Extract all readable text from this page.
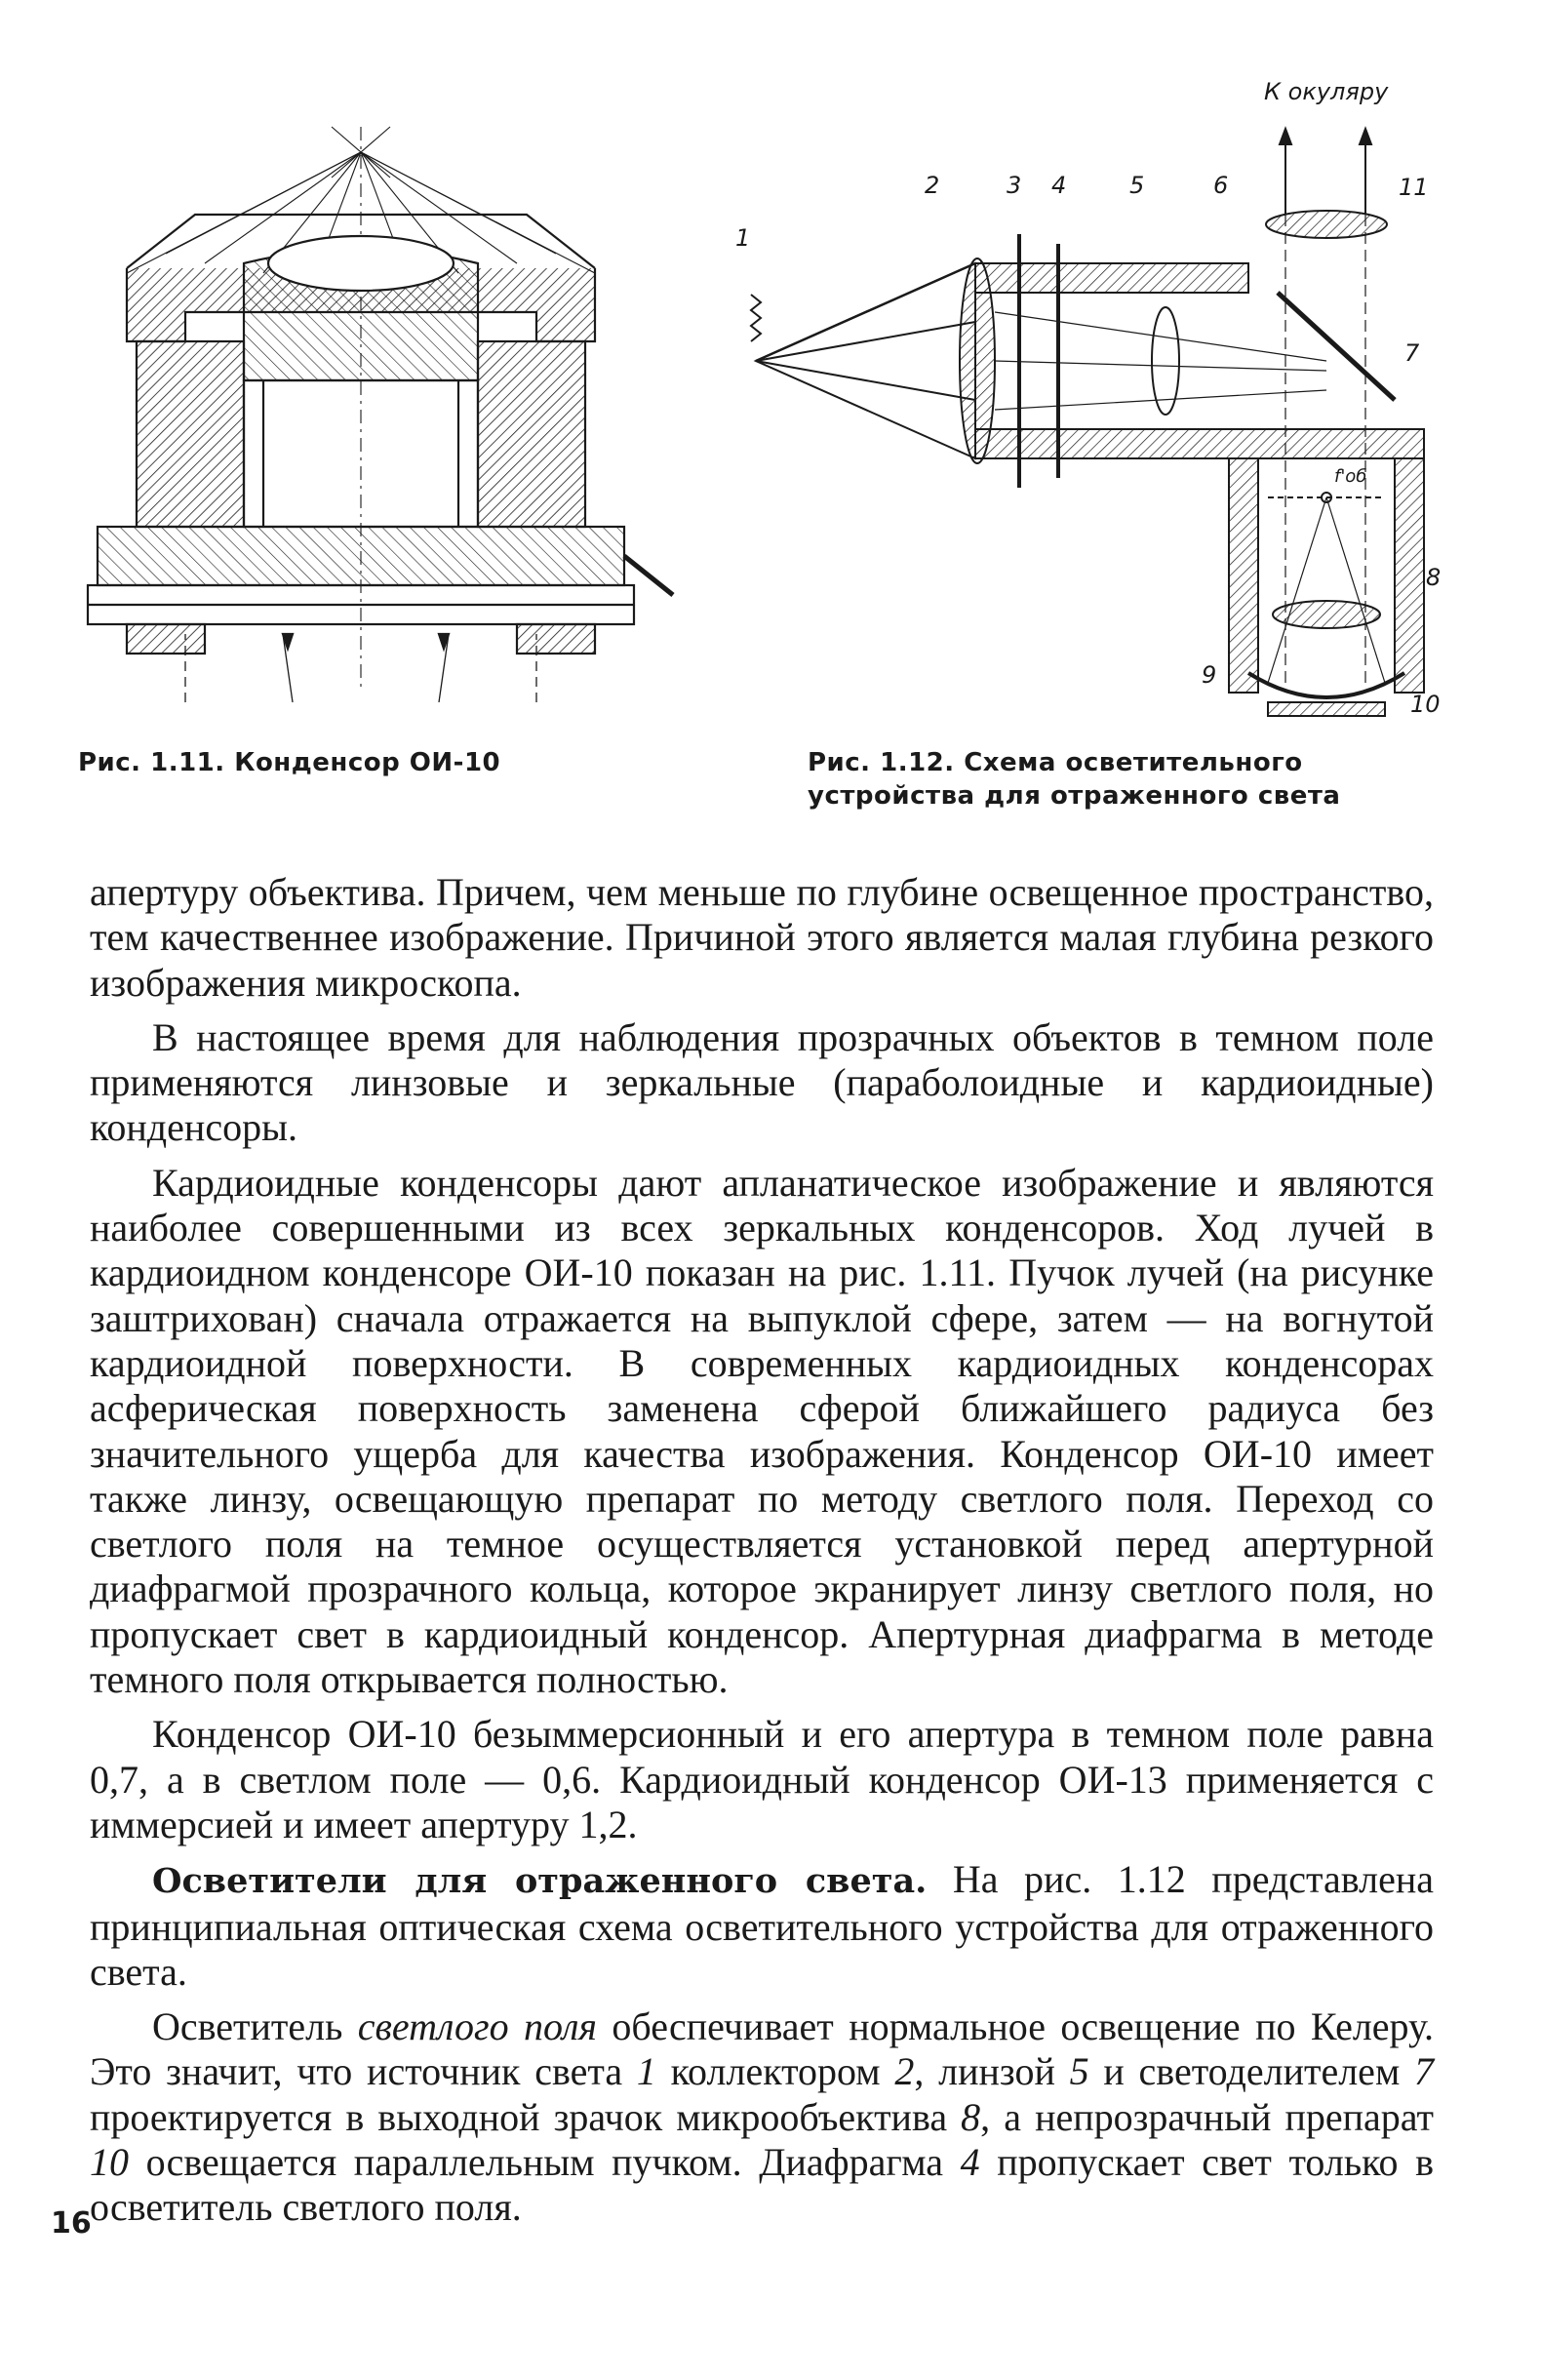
К окуляру
1
2	3 4	5	6
7
8
9
10
11
f'об
Рис. 1.11. Конденсор ОИ-10	Рис. 1.12. Схема осветительного устройства для отраженного света

апертуру объектива. Причем, чем меньше по глубине освещенное пространство, тем качественнее изображение. Причиной этого является малая глубина резкого изображения микроскопа.

В настоящее время для наблюдения прозрачных объектов в темном поле применяются линзовые и зеркальные (параболоидные и кардиоидные) конденсоры.

Кардиоидные конденсоры дают апланатическое изображение и являются наиболее совершенными из всех зеркальных конденсоров. Ход лучей в кардиоидном конденсоре ОИ-10 показан на рис. 1.11. Пучок лучей (на рисунке заштрихован) сначала отражается на выпуклой сфере, затем — на вогнутой кардиоидной поверхности. В современных кардиоидных конденсорах асферическая поверхность заменена сферой ближайшего радиуса без значительного ущерба для качества изображения. Конденсор ОИ-10 имеет также линзу, освещающую препарат по методу светлого поля. Переход со светлого поля на темное осуществляется установкой перед апертурной диафрагмой прозрачного кольца, которое экранирует линзу светлого поля, но пропускает свет в кардиоидный конденсор. Апертурная диафрагма в методе темного поля открывается полностью.

Конденсор ОИ-10 безыммерсионный и его апертура в темном поле равна 0,7, а в светлом поле — 0,6. Кардиоидный конденсор ОИ-13 применяется с иммерсией и имеет апертуру 1,2.

Осветители для отраженного света. На рис. 1.12 представлена принципиальная оптическая схема осветительного устройства для отраженного света.

Осветитель светлого поля обеспечивает нормальное освещение по Келеру. Это значит, что источник света 1 коллектором 2, линзой 5 и светоделителем 7 проектируется в выходной зрачок микрообъектива 8, а непрозрачный препарат 10 освещается параллельным пучком. Диафрагма 4 пропускает свет только в осветитель светлого поля.

16
